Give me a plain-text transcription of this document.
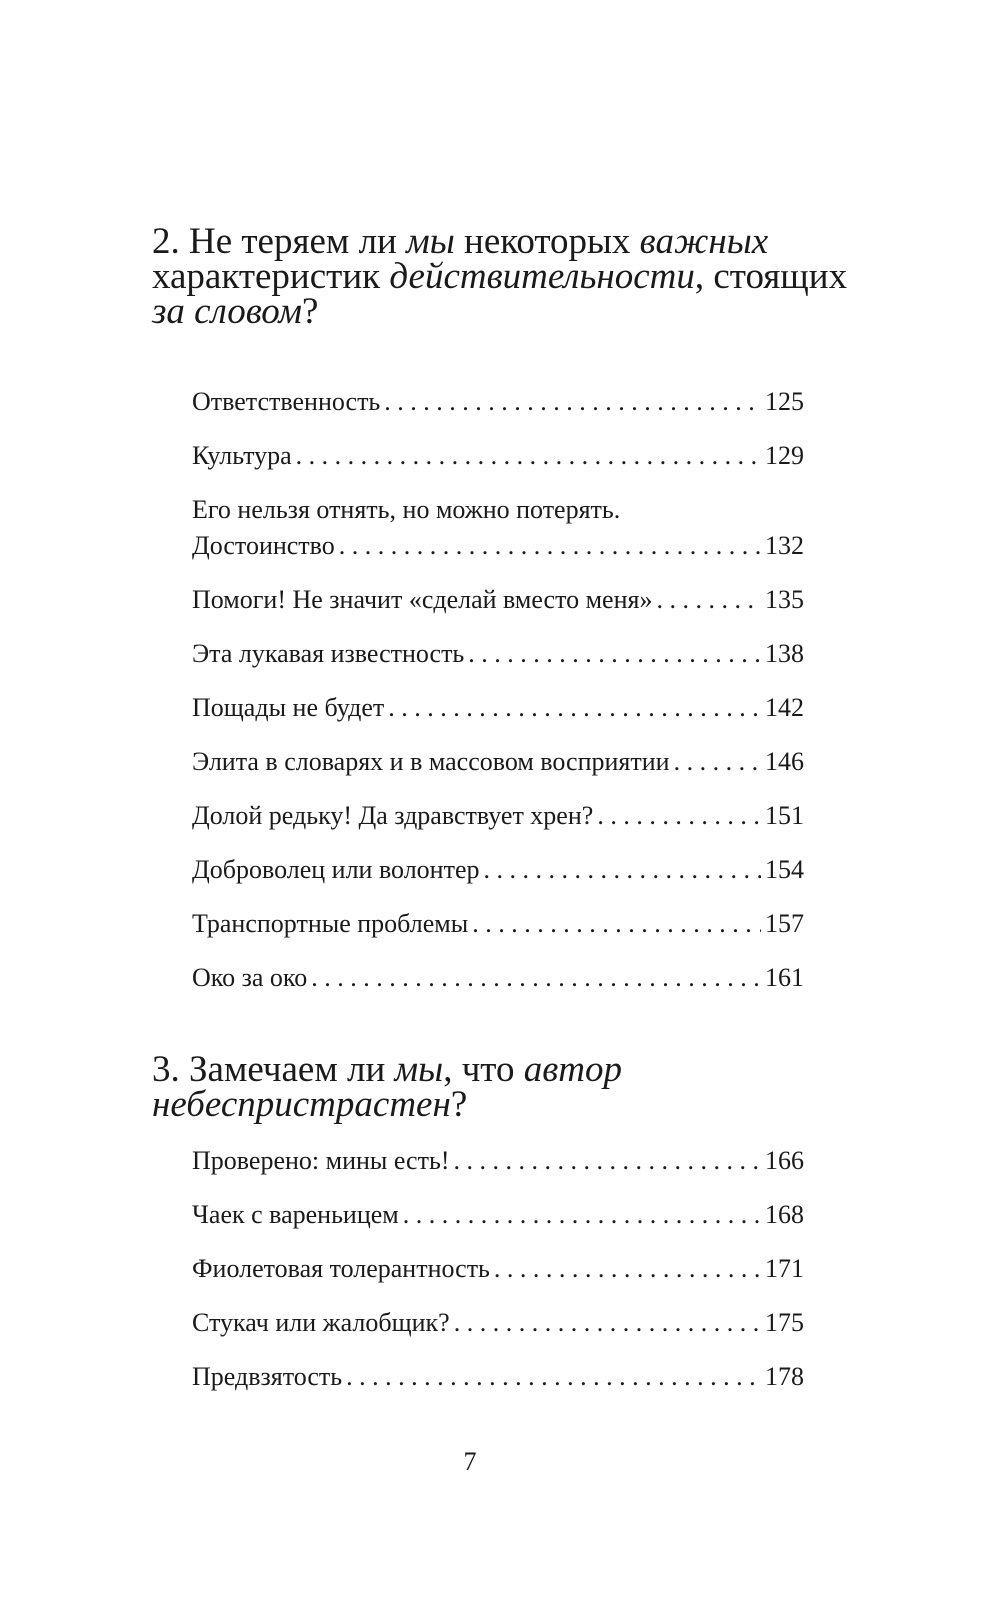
2. Не теряем ли мы некоторых важных характеристик действительности, стоящих за словом?
Ответственность . . .	125
Культура . . .	129
Его нельзя отнять, но можно потерять.
Достоинство . . .	132
Помоги! Не значит «сделай вместо меня» . . .	135
Эта лукавая известность . . .	138
Пощады не будет . . .	142
Элита в словарях и в массовом восприятии . . .	146
Долой редьку! Да здравствует хрен? . . .	151
Доброволец или волонтер . . .	154
Транспортные проблемы . . .	157
Око за око . . .	161
3. Замечаем ли мы, что автор небеспристрастен?
Проверено: мины есть! . . .	166
Чаек с вареньицем . . .	168
Фиолетовая толерантность . . .	171
Стукач или жалобщик? . . .	175
Предвзятость . . .	178
7
